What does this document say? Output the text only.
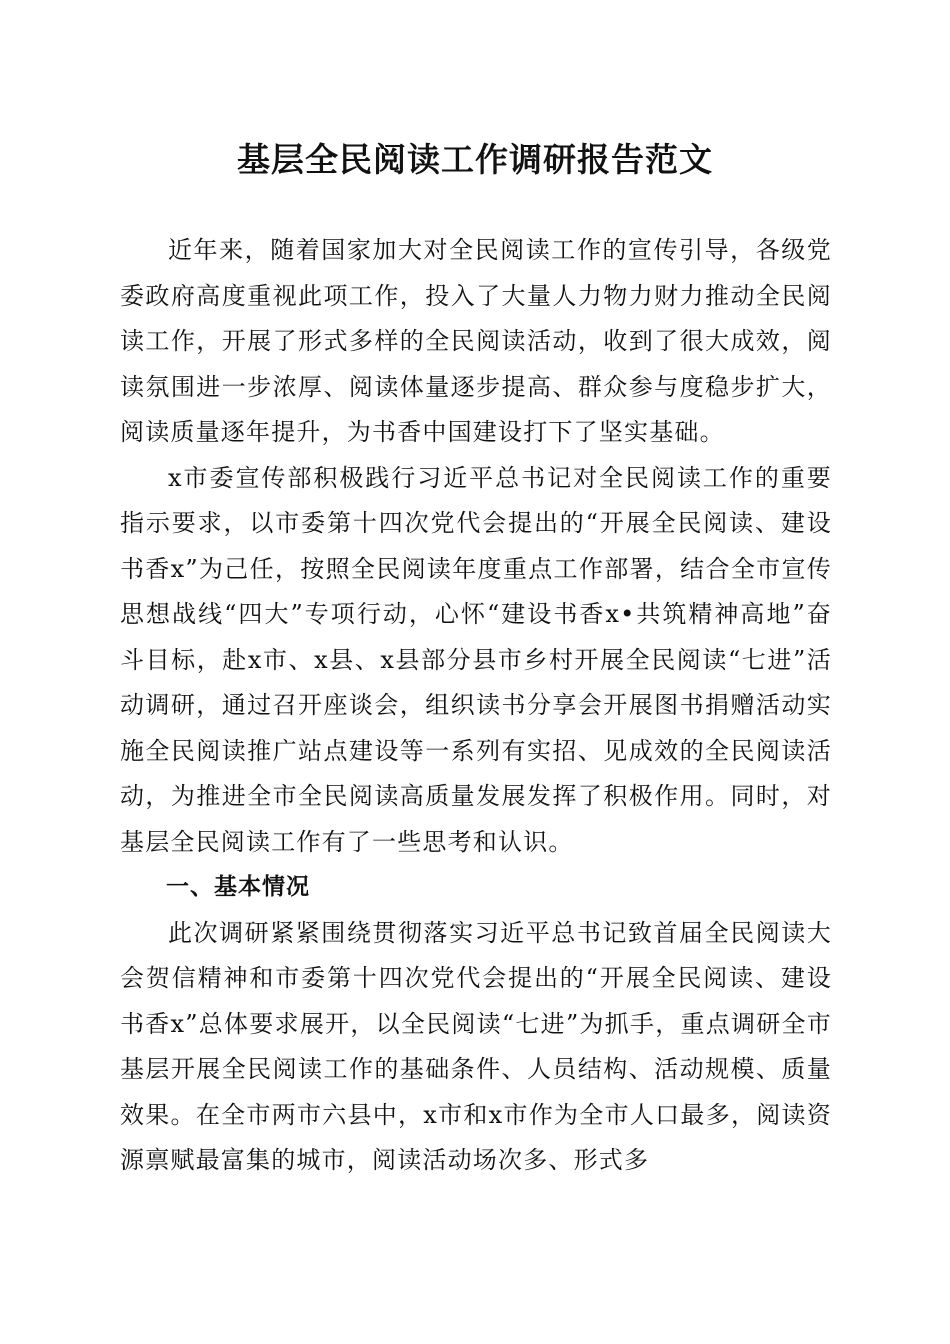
基层全民阅读工作调研报告范文

近年来，随着国家加大对全民阅读工作的宣传引导，各级党委政府高度重视此项工作，投入了大量人力物力财力推动全民阅读工作，开展了形式多样的全民阅读活动，收到了很大成效，阅读氛围进一步浓厚、阅读体量逐步提高、群众参与度稳步扩大，阅读质量逐年提升，为书香中国建设打下了坚实基础。

x市委宣传部积极践行习近平总书记对全民阅读工作的重要指示要求，以市委第十四次党代会提出的“开展全民阅读、建设书香x”为己任，按照全民阅读年度重点工作部署，结合全市宣传思想战线“四大”专项行动，心怀“建设书香x•共筑精神高地”奋斗目标，赴x市、x县、x县部分县市乡村开展全民阅读“七进”活动调研，通过召开座谈会，组织读书分享会开展图书捐赠活动实施全民阅读推广站点建设等一系列有实招、见成效的全民阅读活动，为推进全市全民阅读高质量发展发挥了积极作用。同时，对基层全民阅读工作有了一些思考和认识。

一、基本情况

此次调研紧紧围绕贯彻落实习近平总书记致首届全民阅读大会贺信精神和市委第十四次党代会提出的“开展全民阅读、建设书香x”总体要求展开，以全民阅读“七进”为抓手，重点调研全市基层开展全民阅读工作的基础条件、人员结构、活动规模、质量效果。在全市两市六县中，x市和x市作为全市人口最多，阅读资源禀赋最富集的城市，阅读活动场次多、形式多
